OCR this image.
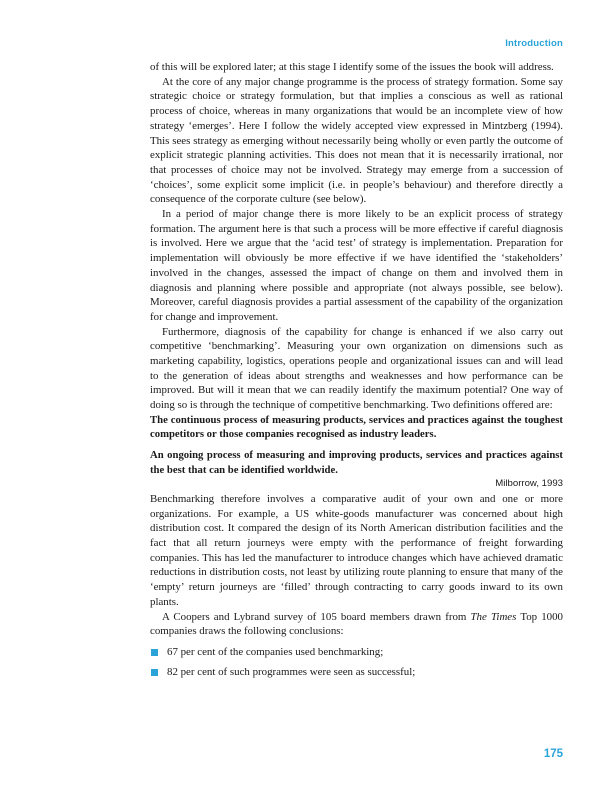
Introduction

of this will be explored later; at this stage I identify some of the issues the book will address.

At the core of any major change programme is the process of strategy formation. Some say strategic choice or strategy formulation, but that implies a conscious as well as rational process of choice, whereas in many organizations that would be an incomplete view of how strategy ‘emerges’. Here I follow the widely accepted view expressed in Mintzberg (1994). This sees strategy as emerging without necessarily being wholly or even partly the outcome of explicit strategic planning activities. This does not mean that it is necessarily irrational, nor that processes of choice may not be involved. Strategy may emerge from a succession of ‘choices’, some explicit some implicit (i.e. in people’s behaviour) and therefore directly a consequence of the corporate culture (see below).

In a period of major change there is more likely to be an explicit process of strategy formation. The argument here is that such a process will be more effective if careful diagnosis is involved. Here we argue that the ‘acid test’ of strategy is implementation. Preparation for implementation will obviously be more effective if we have identified the ‘stakeholders’ involved in the changes, assessed the impact of change on them and involved them in diagnosis and planning where possible and appropriate (not always possible, see below). Moreover, careful diagnosis provides a partial assessment of the capability of the organization for change and improvement.

Furthermore, diagnosis of the capability for change is enhanced if we also carry out competitive ‘benchmarking’. Measuring your own organization on dimensions such as marketing capability, logistics, operations people and organizational issues can and will lead to the generation of ideas about strengths and weaknesses and how performance can be improved. But will it mean that we can readily identify the maximum potential? One way of doing so is through the technique of competitive benchmarking. Two definitions offered are:

The continuous process of measuring products, services and practices against the toughest competitors or those companies recognised as industry leaders.

An ongoing process of measuring and improving products, services and practices against the best that can be identified worldwide.

Milborrow, 1993

Benchmarking therefore involves a comparative audit of your own and one or more organizations. For example, a US white-goods manufacturer was concerned about high distribution cost. It compared the design of its North American distribution facilities and the fact that all return journeys were empty with the performance of freight forwarding companies. This has led the manufacturer to introduce changes which have achieved dramatic reductions in distribution costs, not least by utilizing route planning to ensure that many of the ‘empty’ return journeys are ‘filled’ through contracting to carry goods inward to its own plants.

A Coopers and Lybrand survey of 105 board members drawn from The Times Top 1000 companies draws the following conclusions:

67 per cent of the companies used benchmarking;
82 per cent of such programmes were seen as successful;
175
